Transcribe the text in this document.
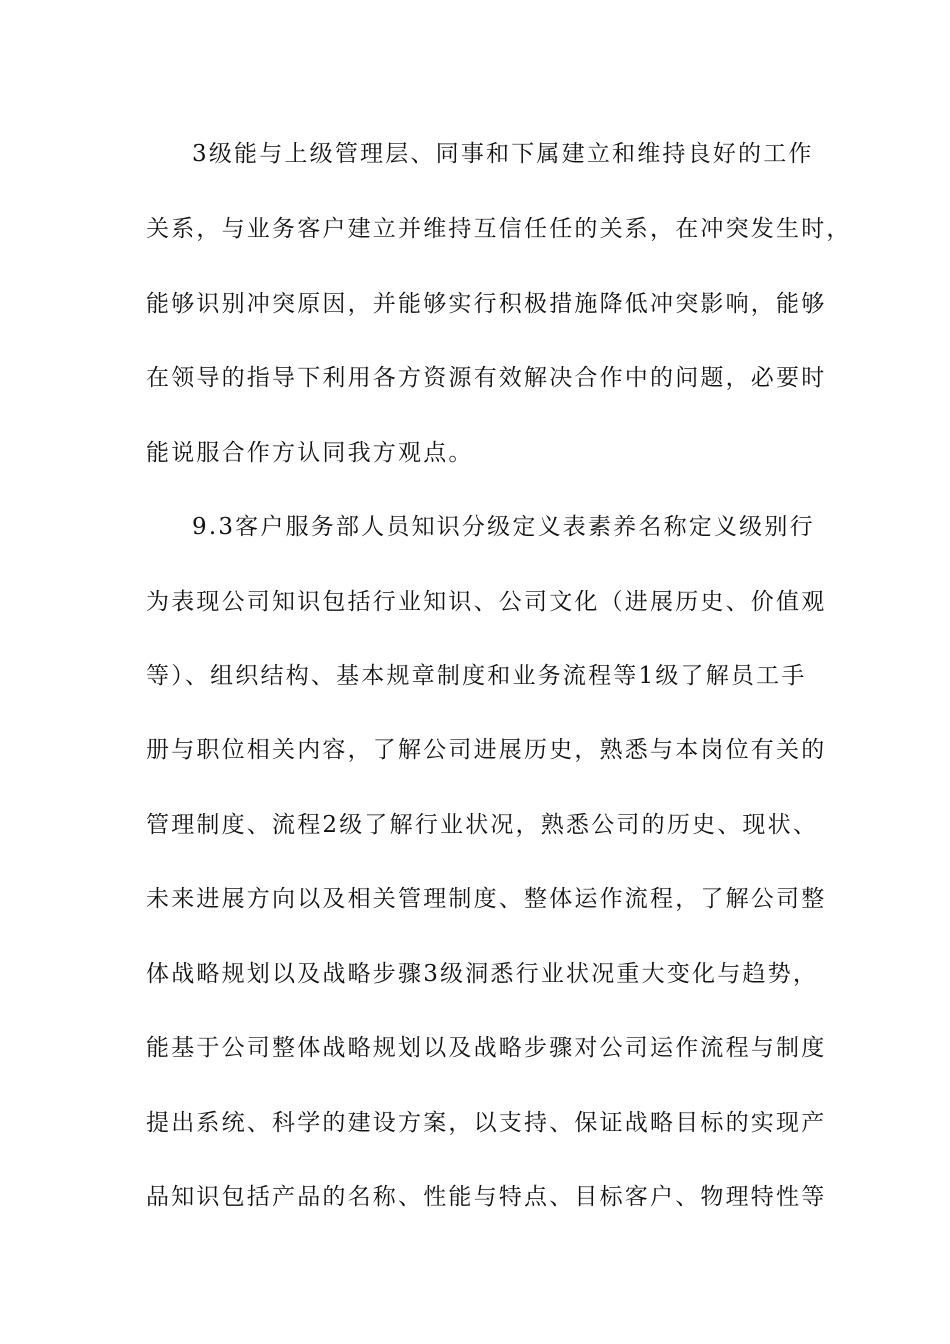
3级能与上级管理层、同事和下属建立和维持良好的工作
关系，与业务客户建立并维持互信任任的关系，在冲突发生时，
能够识别冲突原因，并能够实行积极措施降低冲突影响，能够
在领导的指导下利用各方资源有效解决合作中的问题，必要时
能说服合作方认同我方观点。
9.3客户服务部人员知识分级定义表素养名称定义级别行
为表现公司知识包括行业知识、公司文化（进展历史、价值观
等）、组织结构、基本规章制度和业务流程等1级了解员工手
册与职位相关内容，了解公司进展历史，熟悉与本岗位有关的
管理制度、流程2级了解行业状况，熟悉公司的历史、现状、
未来进展方向以及相关管理制度、整体运作流程，了解公司整
体战略规划以及战略步骤3级洞悉行业状况重大变化与趋势，
能基于公司整体战略规划以及战略步骤对公司运作流程与制度
提出系统、科学的建设方案，以支持、保证战略目标的实现产
品知识包括产品的名称、性能与特点、目标客户、物理特性等
